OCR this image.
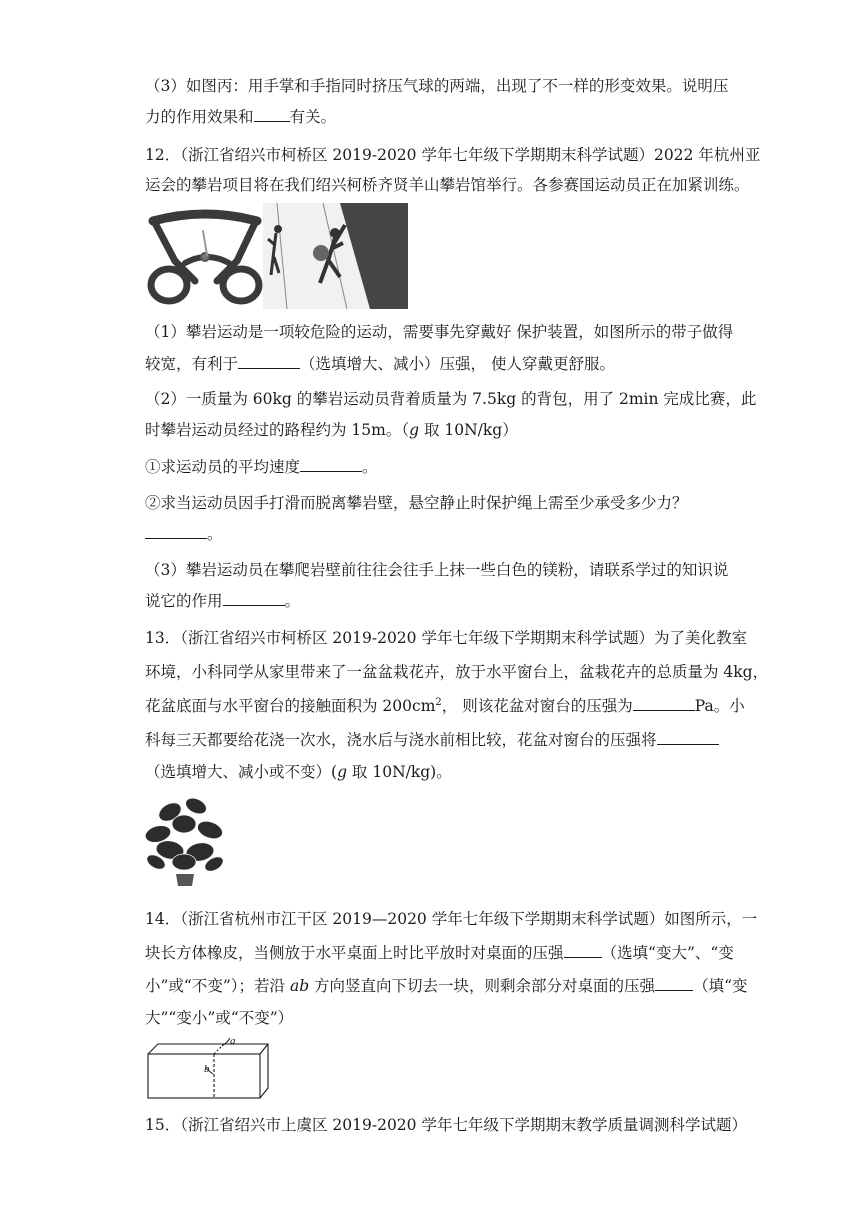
（3）如图丙：用手掌和手指同时挤压气球的两端，出现了不一样的形变效果。说明压
力的作用效果和 有关。
12．（浙江省绍兴市柯桥区 2019-2020 学年七年级下学期期末科学试题）2022 年杭州亚
运会的攀岩项目将在我们绍兴柯桥齐贤羊山攀岩馆举行。各参赛国运动员正在加紧训练。
（1）攀岩运动是一项较危险的运动，需要事先穿戴好 保护装置，如图所示的带子做得
较宽，有利于	（选填增大、减小）压强， 使人穿戴更舒服。
（2）一质量为 60kg 的攀岩运动员背着质量为 7.5kg 的背包，用了 2min 完成比赛，此
时攀岩运动员经过的路程约为 15m。（g 取 10N/kg）
①求运动员的平均速度	。
②求当运动员因手打滑而脱离攀岩壁，悬空静止时保护绳上需至少承受多少力？
。
（3）攀岩运动员在攀爬岩壁前往往会往手上抹一些白色的镁粉，请联系学过的知识说
说它的作用	。
13．（浙江省绍兴市柯桥区 2019-2020 学年七年级下学期期末科学试题）为了美化教室
环境，小科同学从家里带来了一盆盆栽花卉，放于水平窗台上，盆栽花卉的总质量为 4kg，
花盆底面与水平窗台的接触面积为 $200cm^2$， 则该花盆对窗台的压强为	Pa。小
科每三天都要给花浇一次水，浇水后与浇水前相比较，花盆对窗台的压强将
（选填增大、减小或不变）(g 取 10N/kg)。
14．（浙江省杭州市江干区 2019—2020 学年七年级下学期期末科学试题）如图所示，一
块长方体橡皮，当侧放于水平桌面上时比平放时对桌面的压强 （选填“变大”、“变
小”或“不变”）；若沿 ab 方向竖直向下切去一块，则剩余部分对桌面的压强 （填“变
大”“变小”或“不变”）
a
b
15．（浙江省绍兴市上虞区 2019-2020 学年七年级下学期期末教学质量调测科学试题）
